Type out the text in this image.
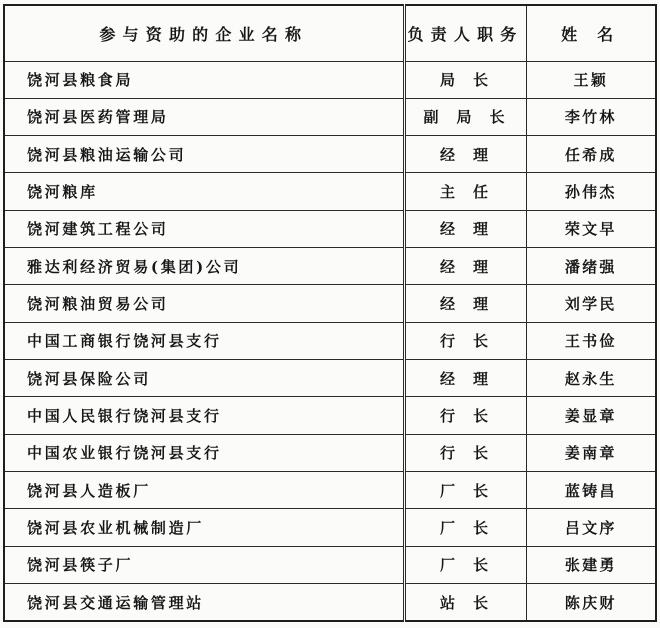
参与资助的企业名称	负责人职务	姓 名
饶河县粮食局	局长	王颖
饶河县医药管理局	副局长	李竹林
饶河县粮油运输公司	经理	任希成
饶河粮库	主任	孙伟杰
饶河建筑工程公司	经理	荣文早
雅达利经济贸易(集团)公司	经理	潘绪强
饶河粮油贸易公司	经理	刘学民
中国工商银行饶河县支行	行长	王书俭
饶河县保险公司	经理	赵永生
中国人民银行饶河县支行	行长	姜显章
中国农业银行饶河县支行	行长	姜南章
饶河县人造板厂	厂长	蓝铸昌
饶河县农业机械制造厂	厂长	吕文序
饶河县筷子厂	厂长	张建勇
饶河县交通运输管理站	站长	陈庆财
